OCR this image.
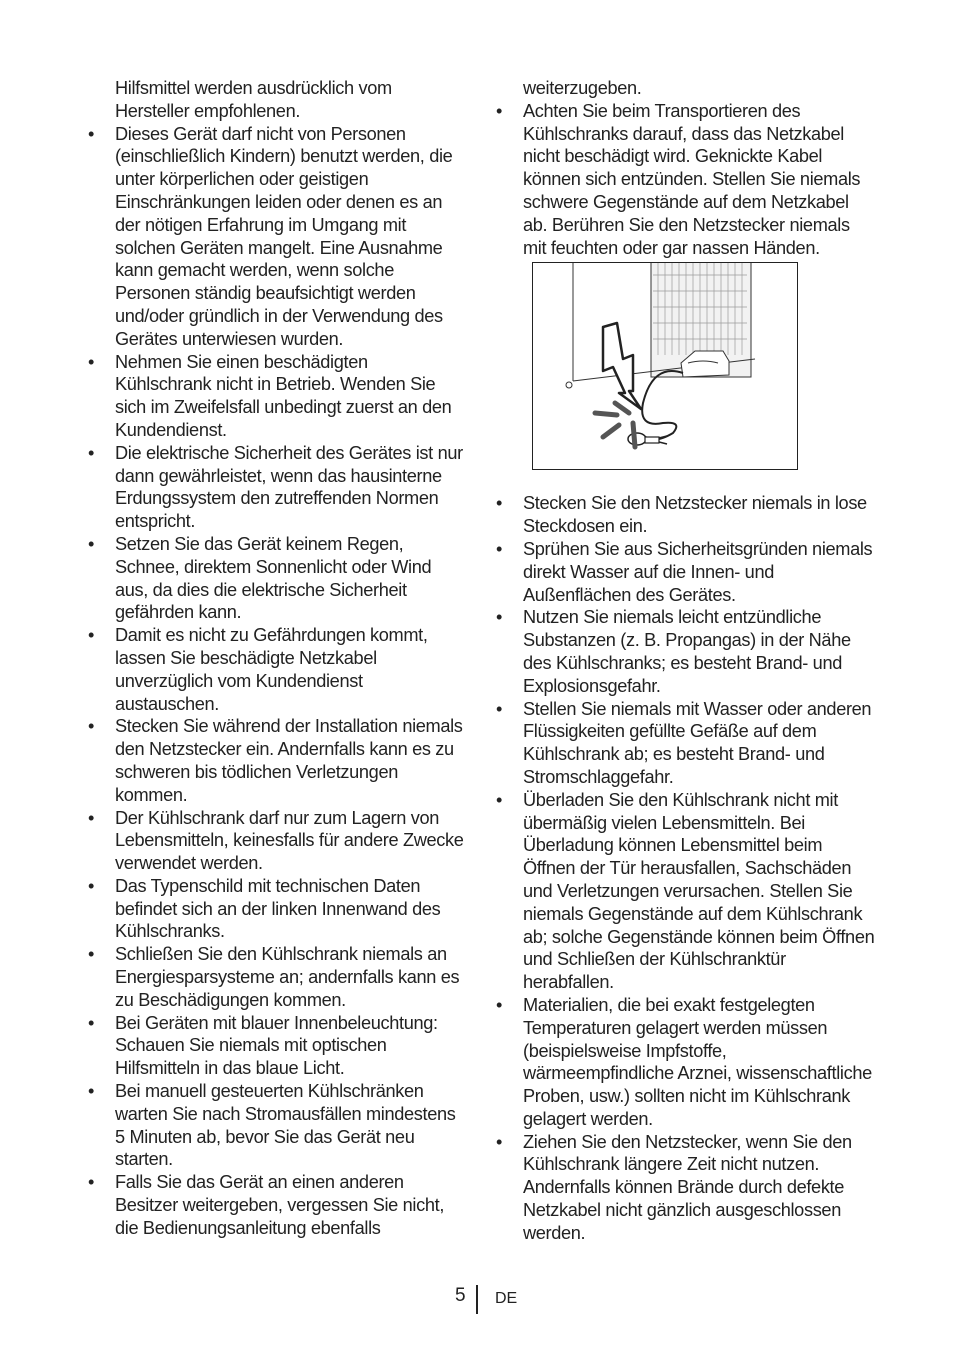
Hilfsmittel werden ausdrücklich vom Hersteller empfohlenen.

• Dieses Gerät darf nicht von Personen (einschließlich Kindern) benutzt werden, die unter körperlichen oder geistigen Einschränkungen leiden oder denen es an der nötigen Erfahrung im Umgang mit solchen Geräten mangelt. Eine Ausnahme kann gemacht werden, wenn solche Personen ständig beaufsichtigt werden und/oder gründlich in der Verwendung des Gerätes unterwiesen wurden.
• Nehmen Sie einen beschädigten Kühlschrank nicht in Betrieb. Wenden Sie sich im Zweifelsfall unbedingt zuerst an den Kundendienst.
• Die elektrische Sicherheit des Gerätes ist nur dann gewährleistet, wenn das hausinterne Erdungssystem den zutreffenden Normen entspricht.
• Setzen Sie das Gerät keinem Regen, Schnee, direktem Sonnenlicht oder Wind aus, da dies die elektrische Sicherheit gefährden kann.
• Damit es nicht zu Gefährdungen kommt, lassen Sie beschädigte Netzkabel unverzüglich vom Kundendienst austauschen.
• Stecken Sie während der Installation niemals den Netzstecker ein. Andernfalls kann es zu schweren bis tödlichen Verletzungen kommen.
• Der Kühlschrank darf nur zum Lagern von Lebensmitteln, keinesfalls für andere Zwecke verwendet werden.
• Das Typenschild mit technischen Daten befindet sich an der linken Innenwand des Kühlschranks.
• Schließen Sie den Kühlschrank niemals an Energiesparsysteme an; andernfalls kann es zu Beschädigungen kommen.
• Bei Geräten mit blauer Innenbeleuchtung: Schauen Sie niemals mit optischen Hilfsmitteln in das blaue Licht.
• Bei manuell gesteuerten Kühlschränken warten Sie nach Stromausfällen mindestens 5 Minuten ab, bevor Sie das Gerät neu starten.
• Falls Sie das Gerät an einen anderen Besitzer weitergeben, vergessen Sie nicht, die Bedienungsanleitung ebenfalls

weiterzugeben.

• Achten Sie beim Transportieren des Kühlschranks darauf, dass das Netzkabel nicht beschädigt wird. Geknickte Kabel können sich entzünden. Stellen Sie niemals schwere Gegenstände auf dem Netzkabel ab. Berühren Sie den Netzstecker niemals mit feuchten oder gar nassen Händen.
• Stecken Sie den Netzstecker niemals in lose Steckdosen ein.
• Sprühen Sie aus Sicherheitsgründen niemals direkt Wasser auf die Innen- und Außenflächen des Gerätes.
• Nutzen Sie niemals leicht entzündliche Substanzen (z. B. Propangas) in der Nähe des Kühlschranks; es besteht Brand- und Explosionsgefahr.
• Stellen Sie niemals mit Wasser oder anderen Flüssigkeiten gefüllte Gefäße auf dem Kühlschrank ab; es besteht Brand- und Stromschlaggefahr.
• Überladen Sie den Kühlschrank nicht mit übermäßig vielen Lebensmitteln. Bei Überladung können Lebensmittel beim Öffnen der Tür herausfallen, Sachschäden und Verletzungen verursachen. Stellen Sie niemals Gegenstände auf dem Kühlschrank ab; solche Gegenstände können beim Öffnen und Schließen der Kühlschranktür herabfallen.
• Materialien, die bei exakt festgelegten Temperaturen gelagert werden müssen (beispielsweise Impfstoffe, wärmeempfindliche Arznei, wissenschaftliche Proben, usw.) sollten nicht im Kühlschrank gelagert werden.
• Ziehen Sie den Netzstecker, wenn Sie den Kühlschrank längere Zeit nicht nutzen. Andernfalls können Brände durch defekte Netzkabel nicht gänzlich ausgeschlossen werden.
5 DE
